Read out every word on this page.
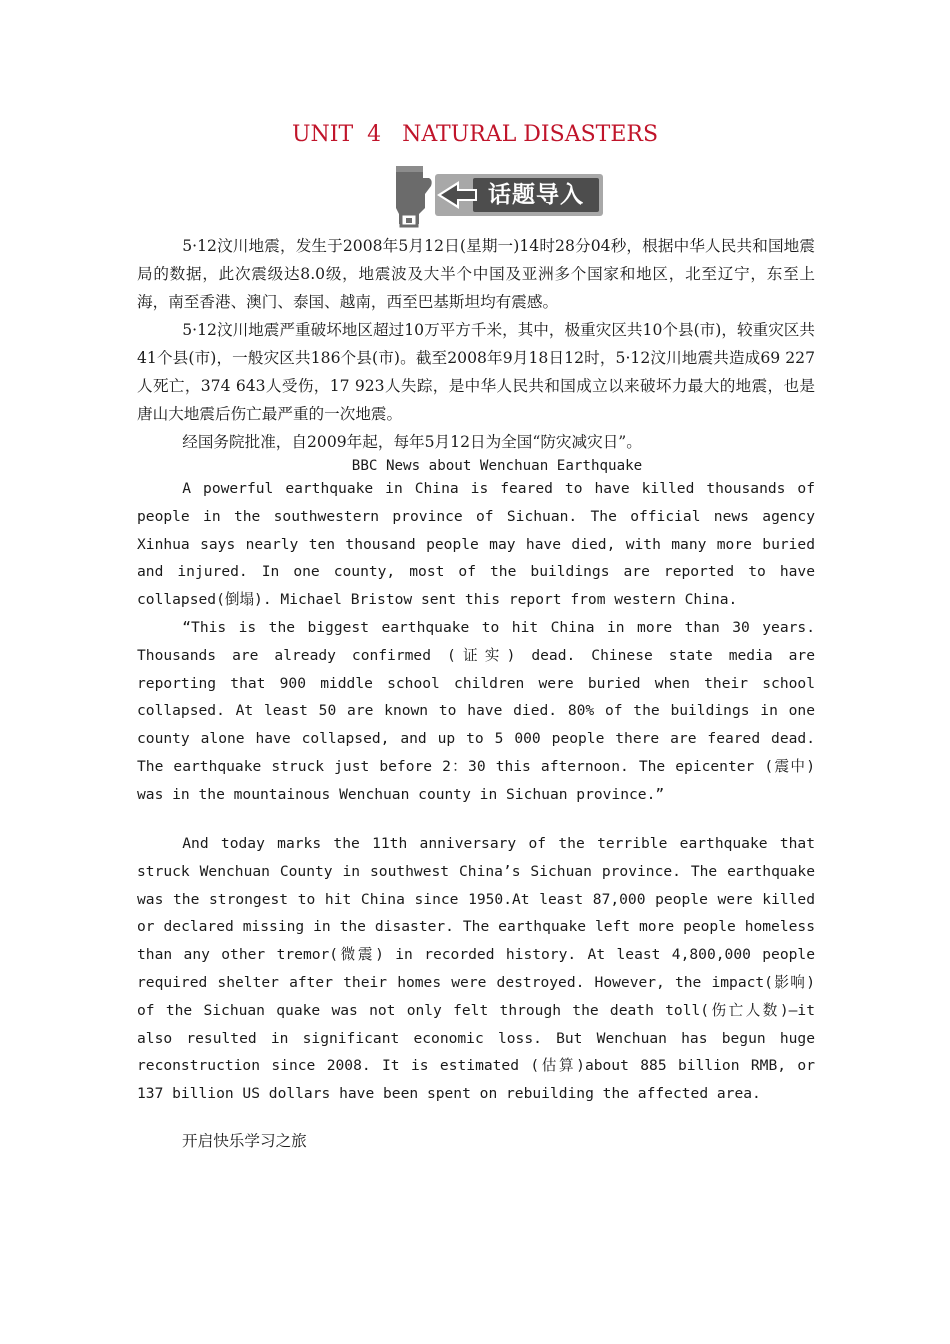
UNIT  4   NATURAL DISASTERS
话题导入

5·12汶川地震，发生于2008年5月12日(星期一)14时28分04秒，根据中华人民共和国地震局的数据，此次震级达8.0级，地震波及大半个中国及亚洲多个国家和地区，北至辽宁，东至上海，南至香港、澳门、泰国、越南，西至巴基斯坦均有震感。

5·12汶川地震严重破坏地区超过10万平方千米，其中，极重灾区共10个县(市)，较重灾区共41个县(市)，一般灾区共186个县(市)。截至2008年9月18日12时，5·12汶川地震共造成69 227人死亡，374 643人受伤，17 923人失踪，是中华人民共和国成立以来破坏力最大的地震，也是唐山大地震后伤亡最严重的一次地震。

经国务院批准，自2009年起，每年5月12日为全国“防灾减灾日”。

BBC News about Wenchuan Earthquake

A powerful earthquake in China is feared to have killed thousands of people in the southwestern province of Sichuan. The official news agency Xinhua says nearly ten thousand people may have died, with many more buried and injured. In one county, most of the buildings are reported to have collapsed(倒塌). Michael Bristow sent this report from western China.

“This is the biggest earthquake to hit China in more than 30 years. Thousands are already confirmed (证实) dead. Chinese state media are reporting that 900 middle school children were buried when their school collapsed. At least 50 are known to have died. 80% of the buildings in one county alone have collapsed, and up to 5 000 people there are feared dead. The earthquake struck just before 2：30 this afternoon. The epicenter (震中) was in the mountainous Wenchuan county in Sichuan province.”

And today marks the 11th anniversary of the terrible earthquake that struck Wenchuan County in southwest China’s Sichuan province. The earthquake was the strongest to hit China since 1950.At least 87,000 people were killed or declared missing in the disaster. The earthquake left more people homeless than any other tremor(微震) in recorded history. At least 4,800,000 people required shelter after their homes were destroyed. However, the impact(影响) of the Sichuan quake was not only felt through the death toll(伤亡人数)—it also resulted in significant economic loss. But Wenchuan has begun huge reconstruction since 2008. It is estimated (估算)about 885 billion RMB, or 137 billion US dollars have been spent on rebuilding the affected area.

开启快乐学习之旅
